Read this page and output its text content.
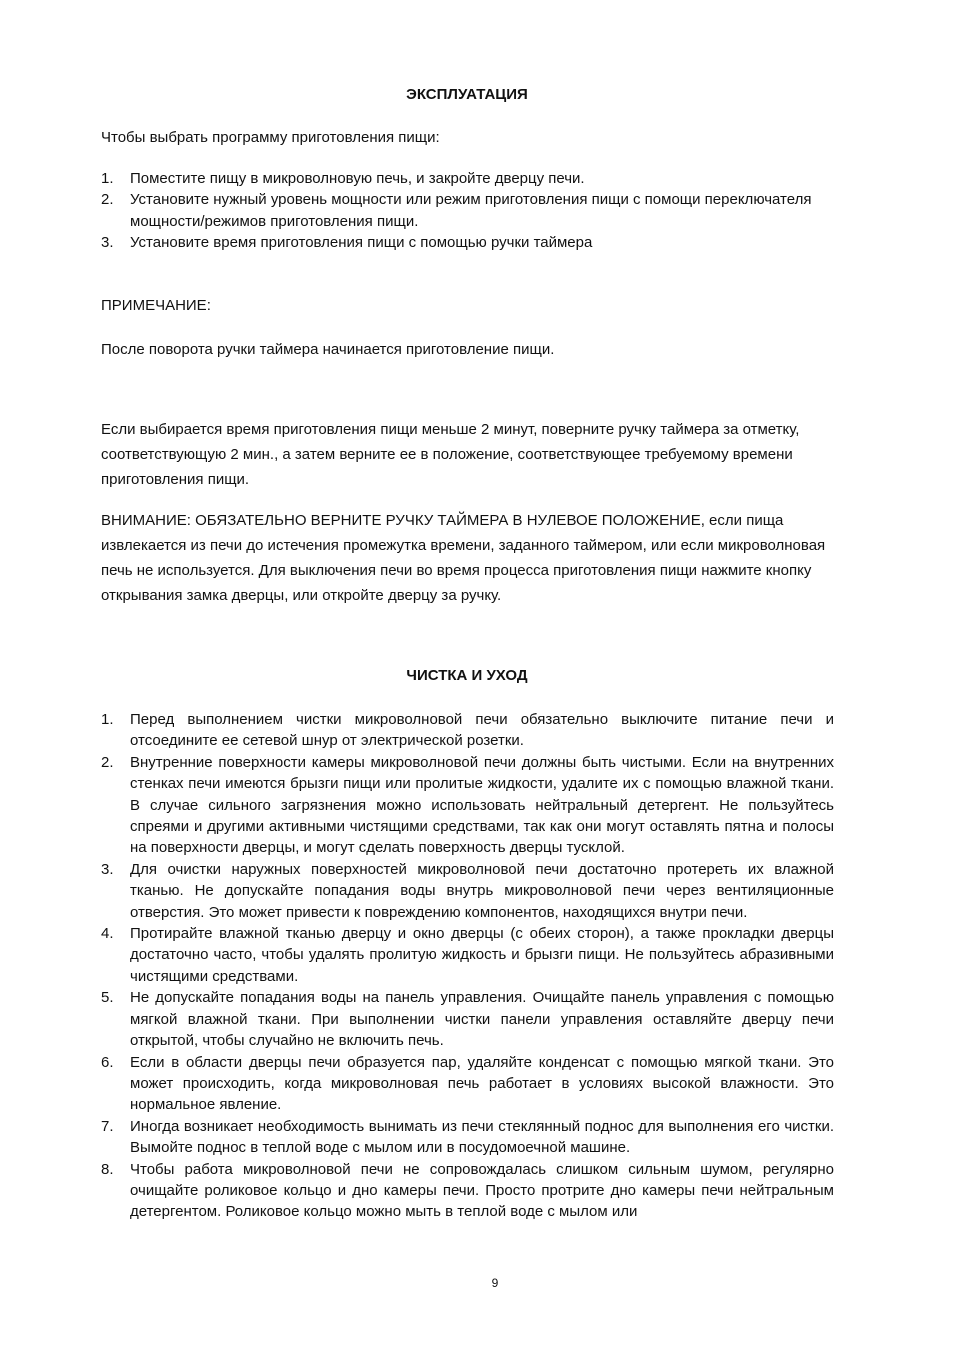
ЭКСПЛУАТАЦИЯ

Чтобы выбрать программу приготовления пищи:

1. Поместите пищу в микроволновую печь, и закройте дверцу печи.
2. Установите нужный уровень мощности или режим приготовления пищи с помощи переключателя мощности/режимов приготовления пищи.
3. Установите время приготовления пищи с помощью ручки таймера

ПРИМЕЧАНИЕ:

После поворота ручки таймера начинается приготовление пищи.

Если выбирается время приготовления пищи меньше 2 минут, поверните ручку таймера за отметку, соответствующую 2 мин., а затем верните ее в положение, соответствующее требуемому времени приготовления пищи.

ВНИМАНИЕ: ОБЯЗАТЕЛЬНО ВЕРНИТЕ РУЧКУ ТАЙМЕРА В НУЛЕВОЕ ПОЛОЖЕНИЕ, если пища извлекается из печи до истечения промежутка времени, заданного таймером, или если микроволновая печь не используется. Для выключения печи во время процесса приготовления пищи нажмите кнопку открывания замка дверцы, или откройте дверцу за ручку.

ЧИСТКА И УХОД
1. Перед выполнением чистки микроволновой печи обязательно выключите питание печи и отсоедините ее сетевой шнур от электрической розетки.
2. Внутренние поверхности камеры микроволновой печи должны быть чистыми. Если на внутренних стенках печи имеются брызги пищи или пролитые жидкости, удалите их с помощью влажной ткани. В случае сильного загрязнения можно использовать нейтральный детергент. Не пользуйтесь спреями и другими активными чистящими средствами, так как они могут оставлять пятна и полосы на поверхности дверцы, и могут сделать поверхность дверцы тусклой.
3. Для очистки наружных поверхностей микроволновой печи достаточно протереть их влажной тканью. Не допускайте попадания воды внутрь микроволновой печи через вентиляционные отверстия. Это может привести к повреждению компонентов, находящихся внутри печи.
4. Протирайте влажной тканью дверцу и окно дверцы (с обеих сторон), а также прокладки дверцы достаточно часто, чтобы удалять пролитую жидкость и брызги пищи. Не пользуйтесь абразивными чистящими средствами.
5. Не допускайте попадания воды на панель управления. Очищайте панель управления с помощью мягкой влажной ткани. При выполнении чистки панели управления оставляйте дверцу печи открытой, чтобы случайно не включить печь.
6. Если в области дверцы печи образуется пар, удаляйте конденсат с помощью мягкой ткани. Это может происходить, когда микроволновая печь работает в условиях высокой влажности. Это нормальное явление.
7. Иногда возникает необходимость вынимать из печи стеклянный поднос для выполнения его чистки. Вымойте поднос в теплой воде с мылом или в посудомоечной машине.
8. Чтобы работа микроволновой печи не сопровождалась слишком сильным шумом, регулярно очищайте роликовое кольцо и дно камеры печи. Просто протрите дно камеры печи нейтральным детергентом. Роликовое кольцо можно мыть в теплой воде с мылом или
9
